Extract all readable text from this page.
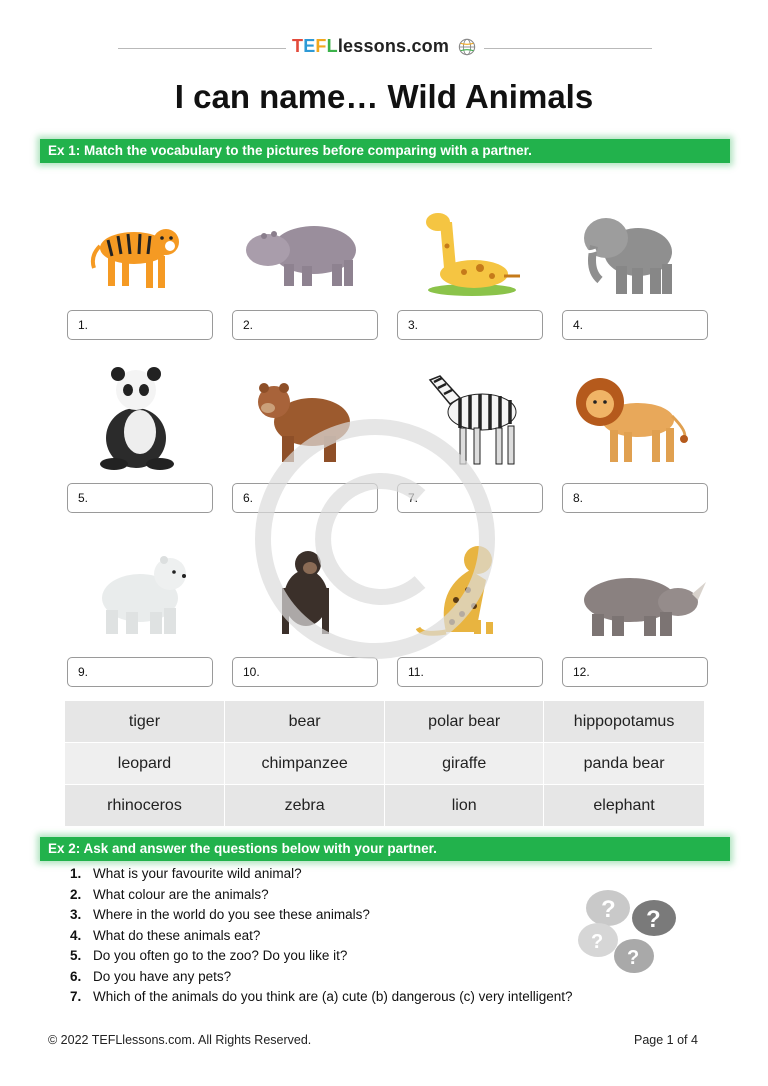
TEFLlessons.com
I can name… Wild Animals
Ex 1: Match the vocabulary to the pictures before comparing with a partner.
1.	2.	3.	4.
5.	6.	7.	8.
9.	10.	11.	12.
tiger	bear	polar bear	hippopotamus
leopard	chimpanzee	giraffe	panda bear
rhinoceros	zebra	lion	elephant
Ex 2: Ask and answer the questions below with your partner.
1. What is your favourite wild animal?
2. What colour are the animals?
3. Where in the world do you see these animals?
4. What do these animals eat?
5. Do you often go to the zoo? Do you like it?
6. Do you have any pets?
7. Which of the animals do you think are (a) cute (b) dangerous (c) very intelligent?
? ?
?
?
© 2022 TEFLlessons.com. All Rights Reserved.	Page 1 of 4
